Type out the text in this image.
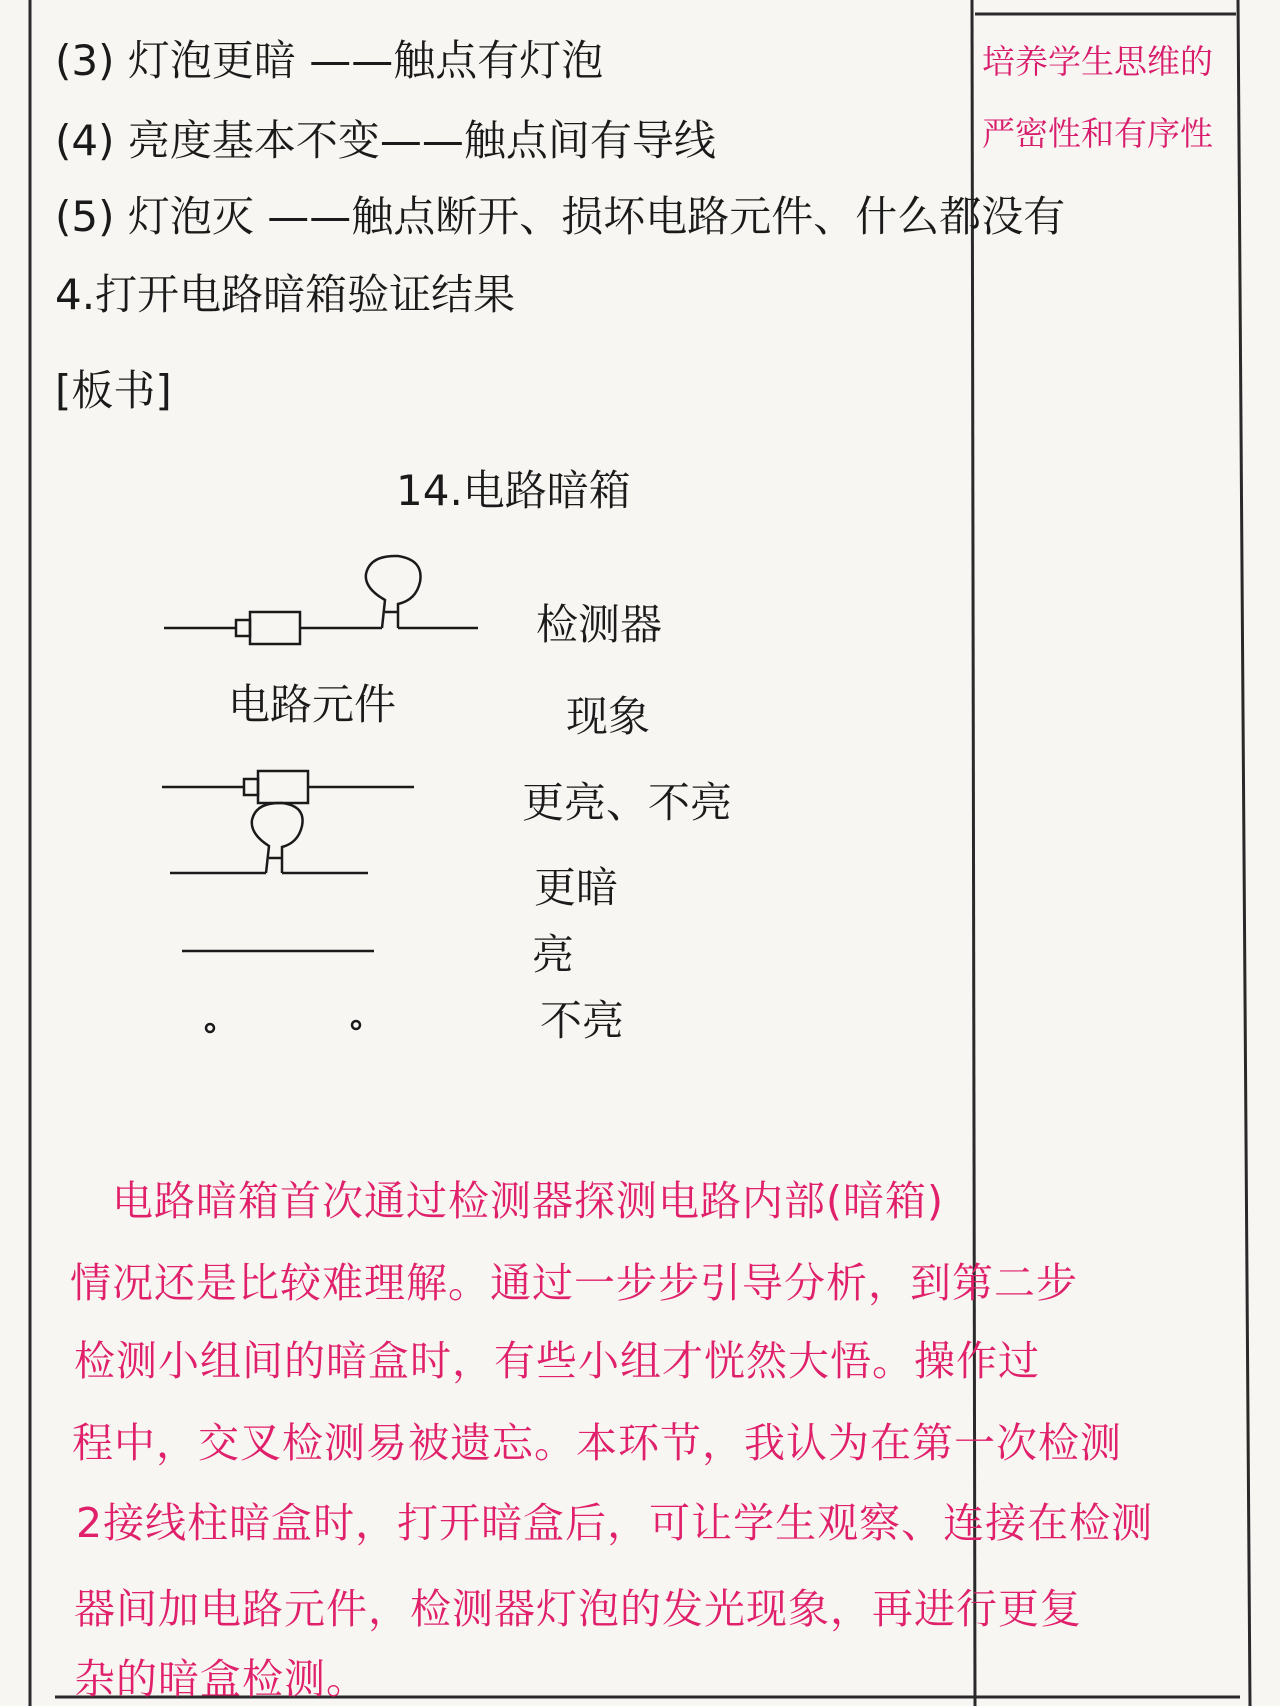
(3) 灯泡更暗 ——触点有灯泡
(4) 亮度基本不变——触点间有导线
(5) 灯泡灭 ——触点断开、损坏电路元件、什么都没有
4.打开电路暗箱验证结果
[板书]
14.电路暗箱
检测器
电路元件	现象
更亮、不亮
更暗
亮
不亮
电路暗箱首次通过检测器探测电路内部(暗箱)
情况还是比较难理解。通过一步步引导分析，到第二步
检测小组间的暗盒时，有些小组才恍然大悟。操作过
程中，交叉检测易被遗忘。本环节，我认为在第一次检测
2接线柱暗盒时，打开暗盒后，可让学生观察、连接在检测
器间加电路元件，检测器灯泡的发光现象，再进行更复
杂的暗盒检测。
培养学生思维的
严密性和有序性
